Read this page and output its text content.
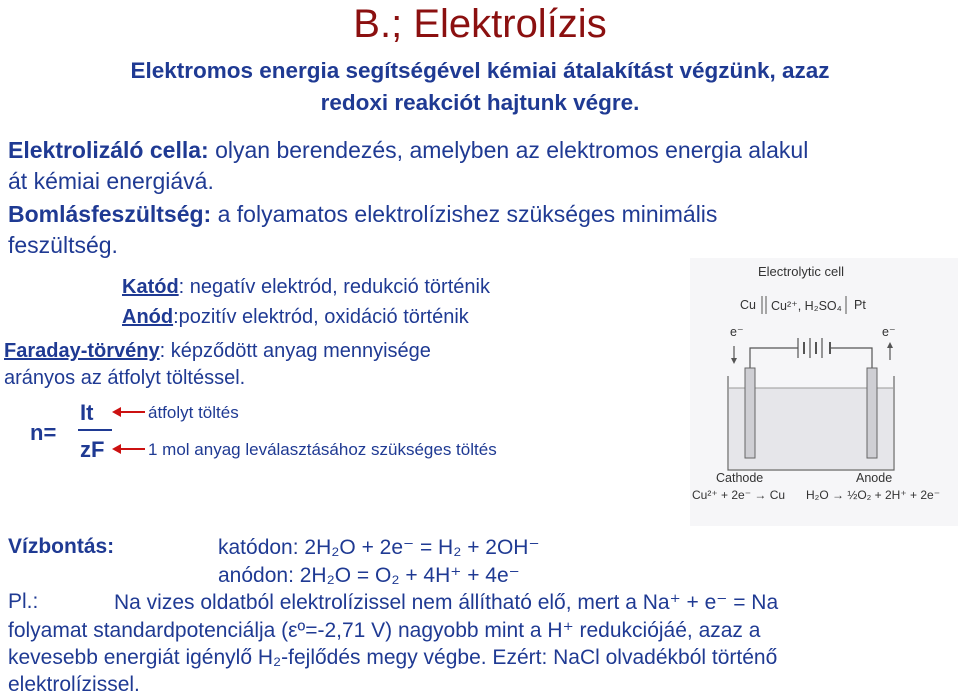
B.; Elektrolízis
Elektromos energia segítségével kémiai átalakítást végzünk, azaz
redoxi reakciót hajtunk végre.
Elektrolizáló cella: olyan berendezés, amelyben az elektromos energia alakul
át kémiai energiává.
Bomlásfeszültség: a folyamatos elektrolízishez szükséges minimális
feszültség.
Katód: negatív elektród, redukció történik
Anód:pozitív elektród, oxidáció történik
Faraday-törvény: képződött anyag mennyisége
arányos az átfolyt töltéssel.
n=
It
zF
átfolyt töltés
1 mol anyag leválasztásához szükséges töltés
Electrolytic cell
Cu Cu²⁺, H₂SO₄ Pt
e⁻	e⁻
Cathode	Anode
Cu²⁺ + 2e⁻ → Cu H₂O → ½O₂ + 2H⁺ + 2e⁻
Vízbontás:	katódon: 2H₂O + 2e⁻ = H₂ + 2OH⁻
anódon: 2H₂O = O₂ + 4H⁺ + 4e⁻
Pl.:	Na vizes oldatból elektrolízissel nem állítható elő, mert a Na⁺ + e⁻ = Na
folyamat standardpotenciálja (εº=-2,71 V) nagyobb mint a H⁺ redukciójáé, azaz a
kevesebb energiát igénylő H₂-fejlődés megy végbe. Ezért: NaCl olvadékból történő
elektrolízissel.
